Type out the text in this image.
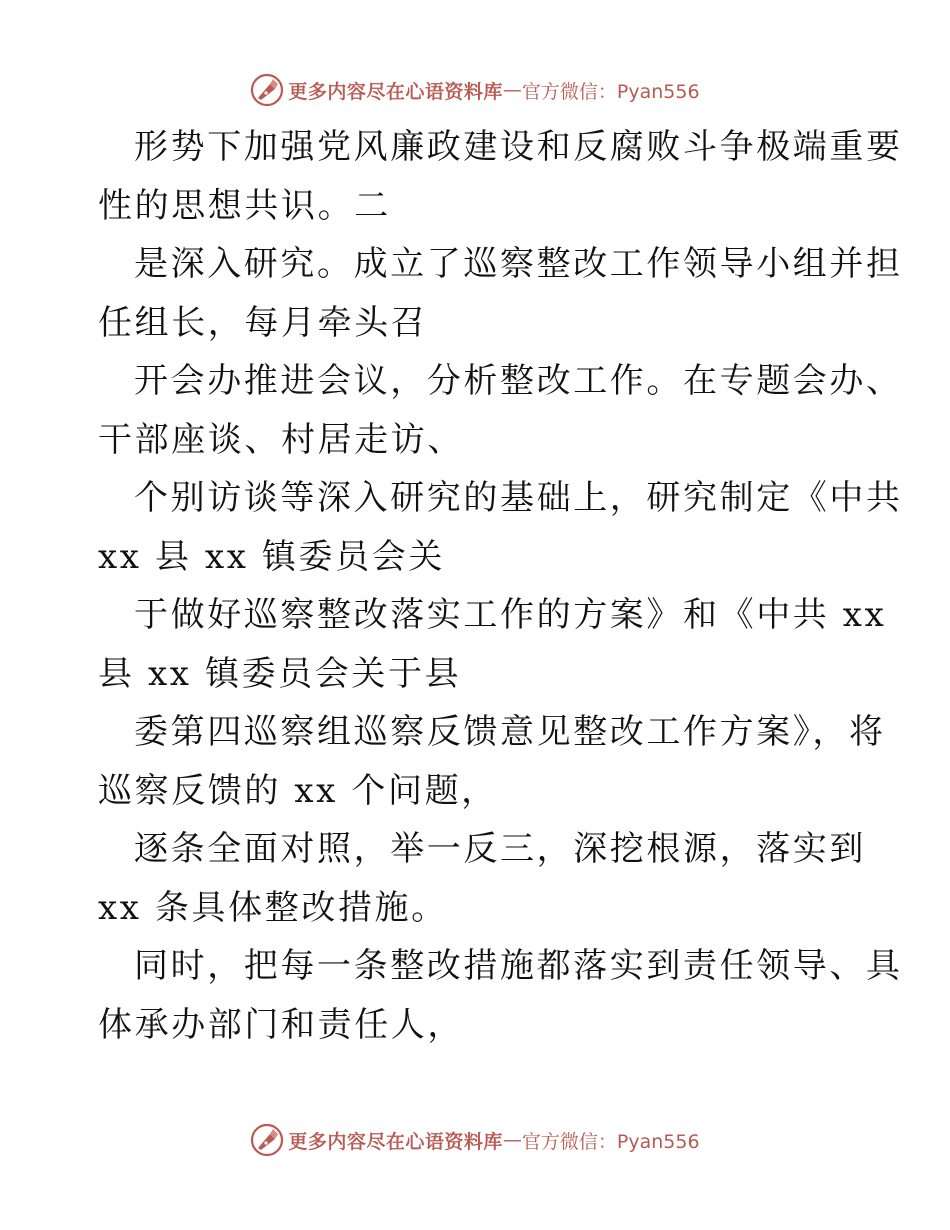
更多内容尽在心语资料库 — 官方微信：Pyan556
形势下加强党风廉政建设和反腐败斗争极端重要
性的思想共识。二
是深入研究。成立了巡察整改工作领导小组并担
任组长，每月牵头召
开会办推进会议，分析整改工作。在专题会办、
干部座谈、村居走访、
个别访谈等深入研究的基础上，研究制定《中共
xx 县 xx 镇委员会关
于做好巡察整改落实工作的方案》和《中共 xx
县 xx 镇委员会关于县
委第四巡察组巡察反馈意见整改工作方案》，将
巡察反馈的 xx 个问题，
逐条全面对照，举一反三，深挖根源，落实到
xx 条具体整改措施。
同时，把每一条整改措施都落实到责任领导、具
体承办部门和责任人，
更多内容尽在心语资料库 — 官方微信：Pyan556
